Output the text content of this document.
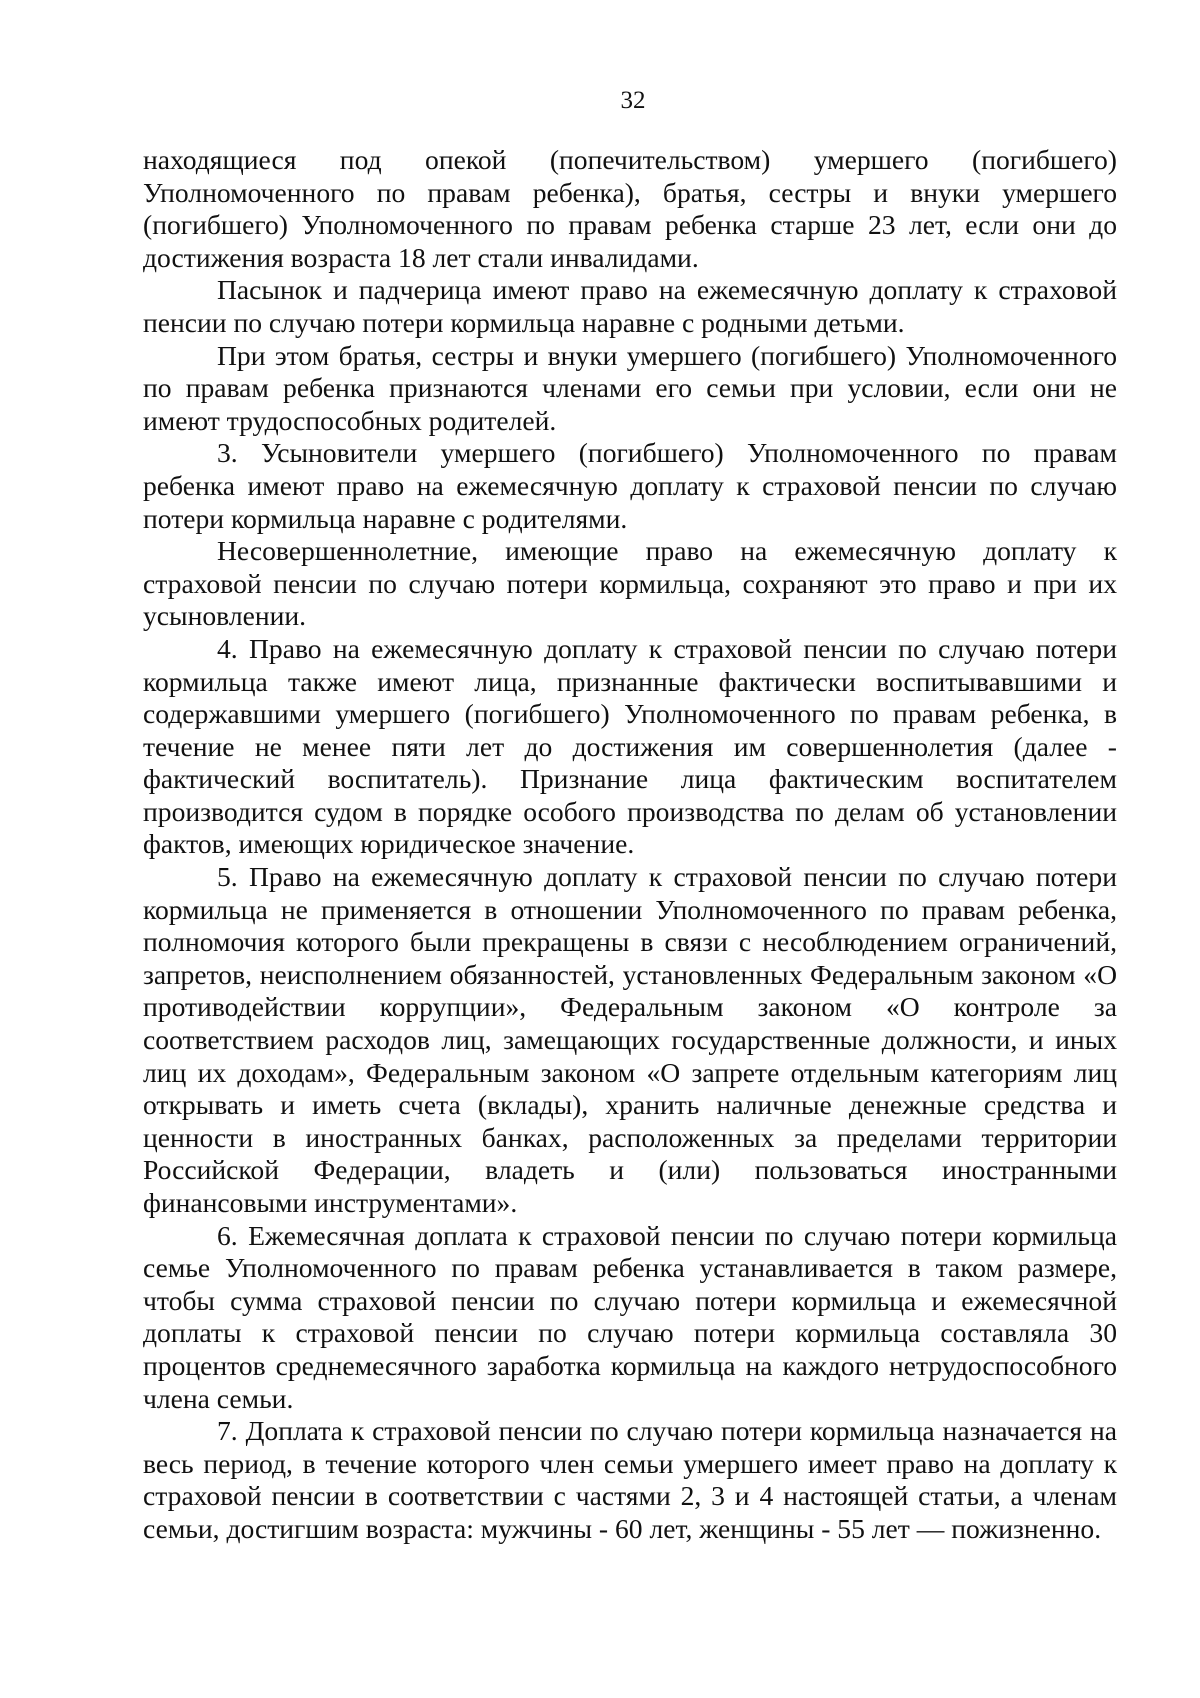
32

находящиеся под опекой (попечительством) умершего (погибшего) Уполномоченного по правам ребенка), братья, сестры и внуки умершего (погибшего) Уполномоченного по правам ребенка старше 23 лет, если они до достижения возраста 18 лет стали инвалидами.

Пасынок и падчерица имеют право на ежемесячную доплату к страховой пенсии по случаю потери кормильца наравне с родными детьми.

При этом братья, сестры и внуки умершего (погибшего) Уполномоченного по правам ребенка признаются членами его семьи при условии, если они не имеют трудоспособных родителей.

3. Усыновители умершего (погибшего) Уполномоченного по правам ребенка имеют право на ежемесячную доплату к страховой пенсии по случаю потери кормильца наравне с родителями.

Несовершеннолетние, имеющие право на ежемесячную доплату к страховой пенсии по случаю потери кормильца, сохраняют это право и при их усыновлении.

4. Право на ежемесячную доплату к страховой пенсии по случаю потери кормильца также имеют лица, признанные фактически воспитывавшими и содержавшими умершего (погибшего) Уполномоченного по правам ребенка, в течение не менее пяти лет до достижения им совершеннолетия (далее - фактический воспитатель). Признание лица фактическим воспитателем производится судом в порядке особого производства по делам об установлении фактов, имеющих юридическое значение.

5. Право на ежемесячную доплату к страховой пенсии по случаю потери кормильца не применяется в отношении Уполномоченного по правам ребенка, полномочия которого были прекращены в связи с несоблюдением ограничений, запретов, неисполнением обязанностей, установленных Федеральным законом «О противодействии коррупции», Федеральным законом «О контроле за соответствием расходов лиц, замещающих государственные должности, и иных лиц их доходам», Федеральным законом «О запрете отдельным категориям лиц открывать и иметь счета (вклады), хранить наличные денежные средства и ценности в иностранных банках, расположенных за пределами территории Российской Федерации, владеть и (или) пользоваться иностранными финансовыми инструментами».

6. Ежемесячная доплата к страховой пенсии по случаю потери кормильца семье Уполномоченного по правам ребенка устанавливается в таком размере, чтобы сумма страховой пенсии по случаю потери кормильца и ежемесячной доплаты к страховой пенсии по случаю потери кормильца составляла 30 процентов среднемесячного заработка кормильца на каждого нетрудоспособного члена семьи.

7. Доплата к страховой пенсии по случаю потери кормильца назначается на весь период, в течение которого член семьи умершего имеет право на доплату к страховой пенсии в соответствии с частями 2, 3 и 4 настоящей статьи, а членам семьи, достигшим возраста: мужчины - 60 лет, женщины - 55 лет — пожизненно.
